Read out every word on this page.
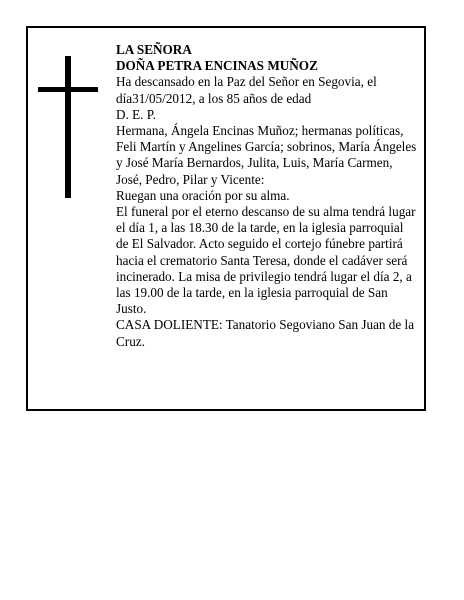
LA SEÑORA

DOÑA PETRA ENCINAS MUÑOZ

Ha descansado en la Paz del Señor en Segovia, el día31/05/2012, a los 85 años de edad

D. E. P.

Hermana, Ángela Encinas Muñoz; hermanas políticas, Feli Martín y Angelines García; sobrinos, María Ángeles y José María Bernardos, Julita, Luis, María Carmen, José, Pedro, Pilar y Vicente:

Ruegan una oración por su alma.

El funeral por el eterno descanso de su alma tendrá lugar el día 1, a las 18.30 de la tarde, en la iglesia parroquial de El Salvador. Acto seguido el cortejo fúnebre partirá hacia el crematorio Santa Teresa, donde el cadáver será incinerado. La misa de privilegio tendrá lugar el día 2, a las 19.00 de la tarde, en la iglesia parroquial de San Justo.

CASA DOLIENTE: Tanatorio Segoviano San Juan de la Cruz.
